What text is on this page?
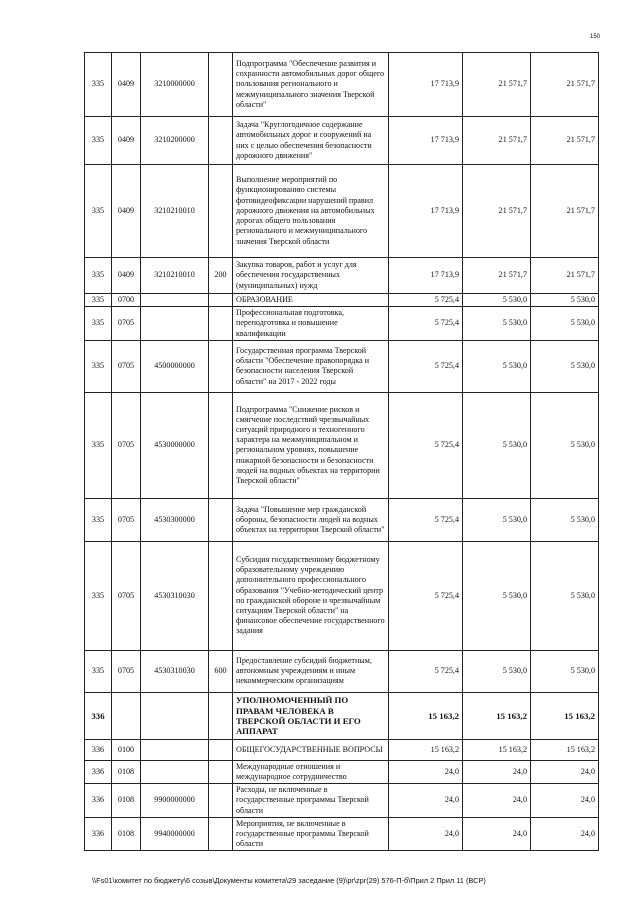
150
335	0409	3210000000		Подпрограмма "Обеспечение развития и сохранности автомобильных дорог общего пользования регионального и межмуниципального значения Тверской области"	17 713,9	21 571,7	21 571,7
335	0409	3210200000		Задача "Круглогодичное содержание автомобильных дорог и сооружений на них с целью обеспечения безопасности дорожного движения"	17 713,9	21 571,7	21 571,7
335	0409	3210210010		Выполнение мероприятий по функционированию системы фотовидеофиксации нарушений правил дорожного движения на автомобильных дорогах общего пользования регионального и межмуниципального значения Тверской области	17 713,9	21 571,7	21 571,7
335	0409	3210210010	200	Закупка товаров, работ и услуг для обеспечения государственных (муниципальных) нужд	17 713,9	21 571,7	21 571,7
335	0700			ОБРАЗОВАНИЕ	5 725,4	5 530,0	5 530,0
335	0705			Профессиональная подготовка, переподготовка и повышение квалификации	5 725,4	5 530,0	5 530,0
335	0705	4500000000		Государственная программа Тверской области "Обеспечение правопорядка и безопасности населения Тверской области" на 2017 - 2022 годы	5 725,4	5 530,0	5 530,0
335	0705	4530000000		Подпрограмма "Снижение рисков и смягчение последствий чрезвычайных ситуаций природного и техногенного характера на межмуниципальном и региональном уровнях, повышение пожарной безопасности и безопасности людей на водных объектах на территории Тверской области"	5 725,4	5 530,0	5 530,0
335	0705	4530300000		Задача "Повышение мер гражданской обороны, безопасности людей на водных объектах на территории Тверской области"	5 725,4	5 530,0	5 530,0
335	0705	4530310030		Субсидия государственному бюджетному образовательному учреждению дополнительного профессионального образования "Учебно-методический центр по гражданской обороне и чрезвычайным ситуациям Тверской области" на финансовое обеспечение государственного задания	5 725,4	5 530,0	5 530,0
335	0705	4530310030	600	Предоставление субсидий бюджетным, автономным учреждениям и иным некоммерческим организациям	5 725,4	5 530,0	5 530,0
336				УПОЛНОМОЧЕННЫЙ ПО ПРАВАМ ЧЕЛОВЕКА В ТВЕРСКОЙ ОБЛАСТИ И ЕГО АППАРАТ	15 163,2	15 163,2	15 163,2
336	0100			ОБЩЕГОСУДАРСТВЕННЫЕ ВОПРОСЫ	15 163,2	15 163,2	15 163,2
336	0108			Международные отношения и международное сотрудничество	24,0	24,0	24,0
336	0108	9900000000		Расходы, не включенные в государственные программы Тверской области	24,0	24,0	24,0
336	0108	9940000000		Мероприятия, не включенные в государственные программы Тверской области	24,0	24,0	24,0
\\Fs01\комитет по бюджету\6 созыв\Документы комитета\29 заседание (9)\pr\zpr(29) 576-П-б\Прил 2 Прил 11 (ВСР)
